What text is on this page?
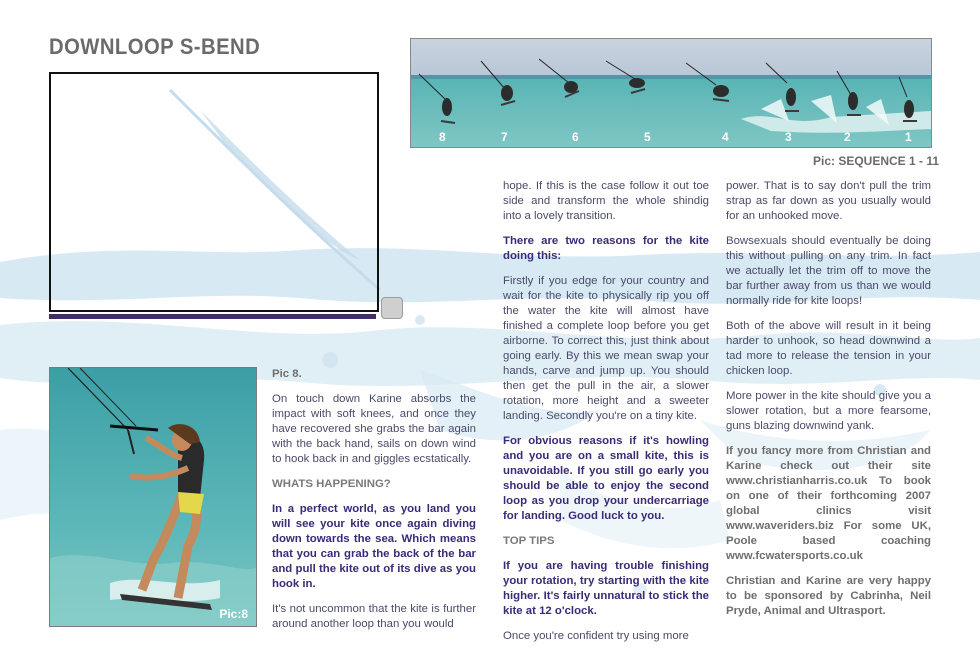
DOWNLOOP S-BEND
8	7	6	5	4	3	2	1
Pic: SEQUENCE 1 - 11
Pic:8

Pic 8.

On touch down Karine absorbs the impact with soft knees, and once they have recovered she grabs the bar again with the back hand, sails on down wind to hook back in and giggles ecstatically.

WHATS HAPPENING?

In a perfect world, as you land you will see your kite once again diving down towards the sea. Which means that you can grab the back of the bar and pull the kite out of its dive as you hook in.

It's not uncommon that the kite is further around another loop than you would

hope. If this is the case follow it out toe side and transform the whole shindig into a lovely transition.

There are two reasons for the kite doing this:

Firstly if you edge for your country and wait for the kite to physically rip you off the water the kite will almost have finished a complete loop before you get airborne. To correct this, just think about going early. By this we mean swap your hands, carve and jump up. You should then get the pull in the air, a slower rotation, more height and a sweeter landing. Secondly you're on a tiny kite.

For obvious reasons if it's howling and you are on a small kite, this is unavoidable. If you still go early you should be able to enjoy the second loop as you drop your undercarriage for landing. Good luck to you.

TOP TIPS

If you are having trouble finishing your rotation, try starting with the kite higher. It's fairly unnatural to stick the kite at 12 o'clock.

Once you're confident try using more

power. That is to say don't pull the trim strap as far down as you usually would for an unhooked move.

Bowsexuals should eventually be doing this without pulling on any trim. In fact we actually let the trim off to move the bar further away from us than we would normally ride for kite loops!

Both of the above will result in it being harder to unhook, so head downwind a tad more to release the tension in your chicken loop.

More power in the kite should give you a slower rotation, but a more fearsome, guns blazing downwind yank.

If you fancy more from Christian and Karine check out their site www.christianharris.co.uk To book on one of their forthcoming 2007 global clinics visit www.waveriders.biz For some UK, Poole based coaching www.fcwatersports.co.uk

Christian and Karine are very happy to be sponsored by Cabrinha, Neil Pryde, Animal and Ultrasport.
